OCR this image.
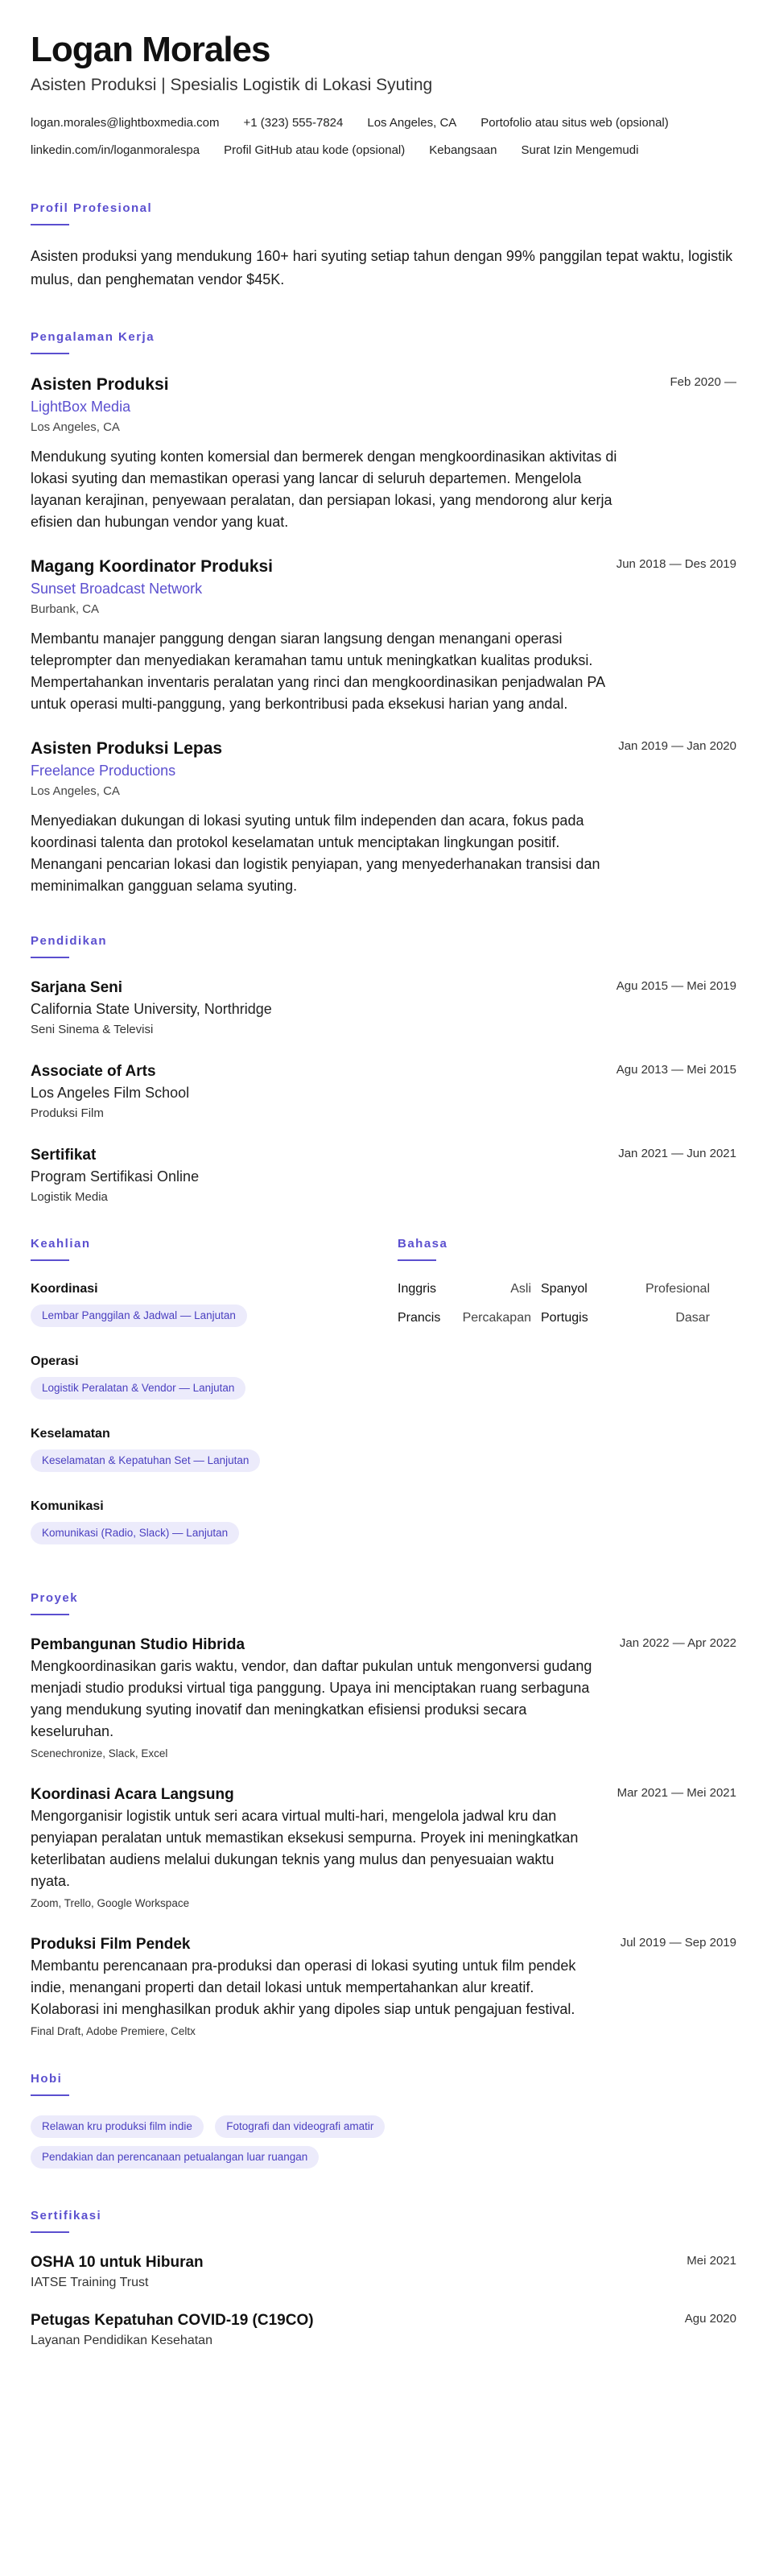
Logan Morales
Asisten Produksi | Spesialis Logistik di Lokasi Syuting
logan.morales@lightboxmedia.com +1 (323) 555-7824 Los Angeles, CA Portofolio atau situs web (opsional)
linkedin.com/in/loganmoralespa Profil GitHub atau kode (opsional) Kebangsaan Surat Izin Mengemudi
Profil Profesional
Asisten produksi yang mendukung 160+ hari syuting setiap tahun dengan 99% panggilan tepat waktu, logistik mulus, dan penghematan vendor $45K.
Pengalaman Kerja
Feb 2020 —
Asisten Produksi
LightBox Media
Los Angeles, CA
Mendukung syuting konten komersial dan bermerek dengan mengkoordinasikan aktivitas di lokasi syuting dan memastikan operasi yang lancar di seluruh departemen. Mengelola layanan kerajinan, penyewaan peralatan, dan persiapan lokasi, yang mendorong alur kerja efisien dan hubungan vendor yang kuat.
Jun 2018 — Des 2019
Magang Koordinator Produksi
Sunset Broadcast Network
Burbank, CA
Membantu manajer panggung dengan siaran langsung dengan menangani operasi teleprompter dan menyediakan keramahan tamu untuk meningkatkan kualitas produksi. Mempertahankan inventaris peralatan yang rinci dan mengkoordinasikan penjadwalan PA untuk operasi multi-panggung, yang berkontribusi pada eksekusi harian yang andal.
Jan 2019 — Jan 2020
Asisten Produksi Lepas
Freelance Productions
Los Angeles, CA
Menyediakan dukungan di lokasi syuting untuk film independen dan acara, fokus pada koordinasi talenta dan protokol keselamatan untuk menciptakan lingkungan positif. Menangani pencarian lokasi dan logistik penyiapan, yang menyederhanakan transisi dan meminimalkan gangguan selama syuting.
Pendidikan
Agu 2015 — Mei 2019
Sarjana Seni
California State University, Northridge
Seni Sinema & Televisi
Agu 2013 — Mei 2015
Associate of Arts
Los Angeles Film School
Produksi Film
Jan 2021 — Jun 2021
Sertifikat
Program Sertifikasi Online
Logistik Media
Keahlian
Koordinasi
Lembar Panggilan & Jadwal — Lanjutan
Operasi
Logistik Peralatan & Vendor — Lanjutan
Keselamatan
Keselamatan & Kepatuhan Set — Lanjutan
Komunikasi
Komunikasi (Radio, Slack) — Lanjutan
Bahasa
Inggris	Asli Spanyol	Profesional
Prancis Percakapan Portugis	Dasar
Proyek
Jan 2022 — Apr 2022
Pembangunan Studio Hibrida
Mengkoordinasikan garis waktu, vendor, dan daftar pukulan untuk mengonversi gudang menjadi studio produksi virtual tiga panggung. Upaya ini menciptakan ruang serbaguna yang mendukung syuting inovatif dan meningkatkan efisiensi produksi secara keseluruhan.
Scenechronize, Slack, Excel
Mar 2021 — Mei 2021
Koordinasi Acara Langsung
Mengorganisir logistik untuk seri acara virtual multi-hari, mengelola jadwal kru dan penyiapan peralatan untuk memastikan eksekusi sempurna. Proyek ini meningkatkan keterlibatan audiens melalui dukungan teknis yang mulus dan penyesuaian waktu nyata.
Zoom, Trello, Google Workspace
Jul 2019 — Sep 2019
Produksi Film Pendek
Membantu perencanaan pra-produksi dan operasi di lokasi syuting untuk film pendek indie, menangani properti dan detail lokasi untuk mempertahankan alur kreatif. Kolaborasi ini menghasilkan produk akhir yang dipoles siap untuk pengajuan festival.
Final Draft, Adobe Premiere, Celtx
Hobi
Relawan kru produksi film indie	Fotografi dan videografi amatir
Pendakian dan perencanaan petualangan luar ruangan
Sertifikasi
Mei 2021
OSHA 10 untuk Hiburan
IATSE Training Trust
Agu 2020
Petugas Kepatuhan COVID-19 (C19CO)
Layanan Pendidikan Kesehatan
